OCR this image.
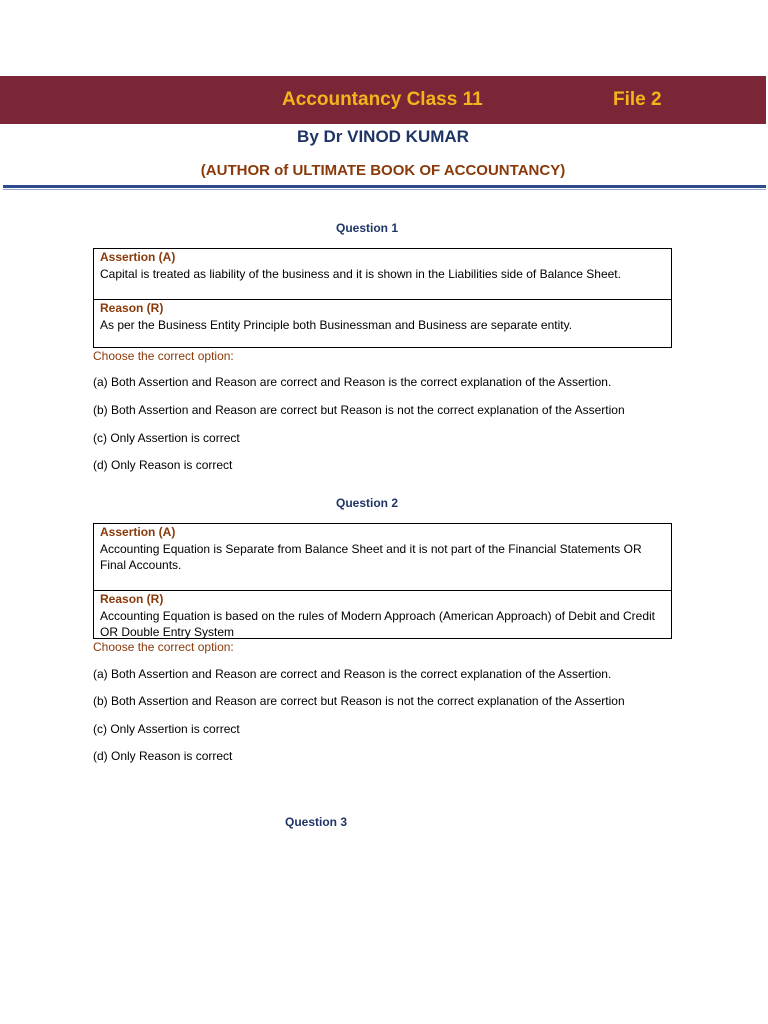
Accountancy Class 11	File 2
By Dr VINOD KUMAR
(AUTHOR of ULTIMATE BOOK OF ACCOUNTANCY)
Question 1
Assertion (A)
Capital is treated as liability of the business and it is shown in the Liabilities side of Balance Sheet.
Reason (R)
As per the Business Entity Principle both Businessman and Business are separate entity.
Choose the correct option:
(a) Both Assertion and Reason are correct and Reason is the correct explanation of the Assertion.
(b) Both Assertion and Reason are correct but Reason is not the correct explanation of the Assertion
(c) Only Assertion is correct
(d) Only Reason is correct
Question 2
Assertion (A)
Accounting Equation is Separate from Balance Sheet and it is not part of the Financial Statements OR Final Accounts.
Reason (R)
Accounting Equation is based on the rules of Modern Approach (American Approach) of Debit and Credit OR Double Entry System
Choose the correct option:
(a) Both Assertion and Reason are correct and Reason is the correct explanation of the Assertion.
(b) Both Assertion and Reason are correct but Reason is not the correct explanation of the Assertion
(c) Only Assertion is correct
(d) Only Reason is correct
Question 3
